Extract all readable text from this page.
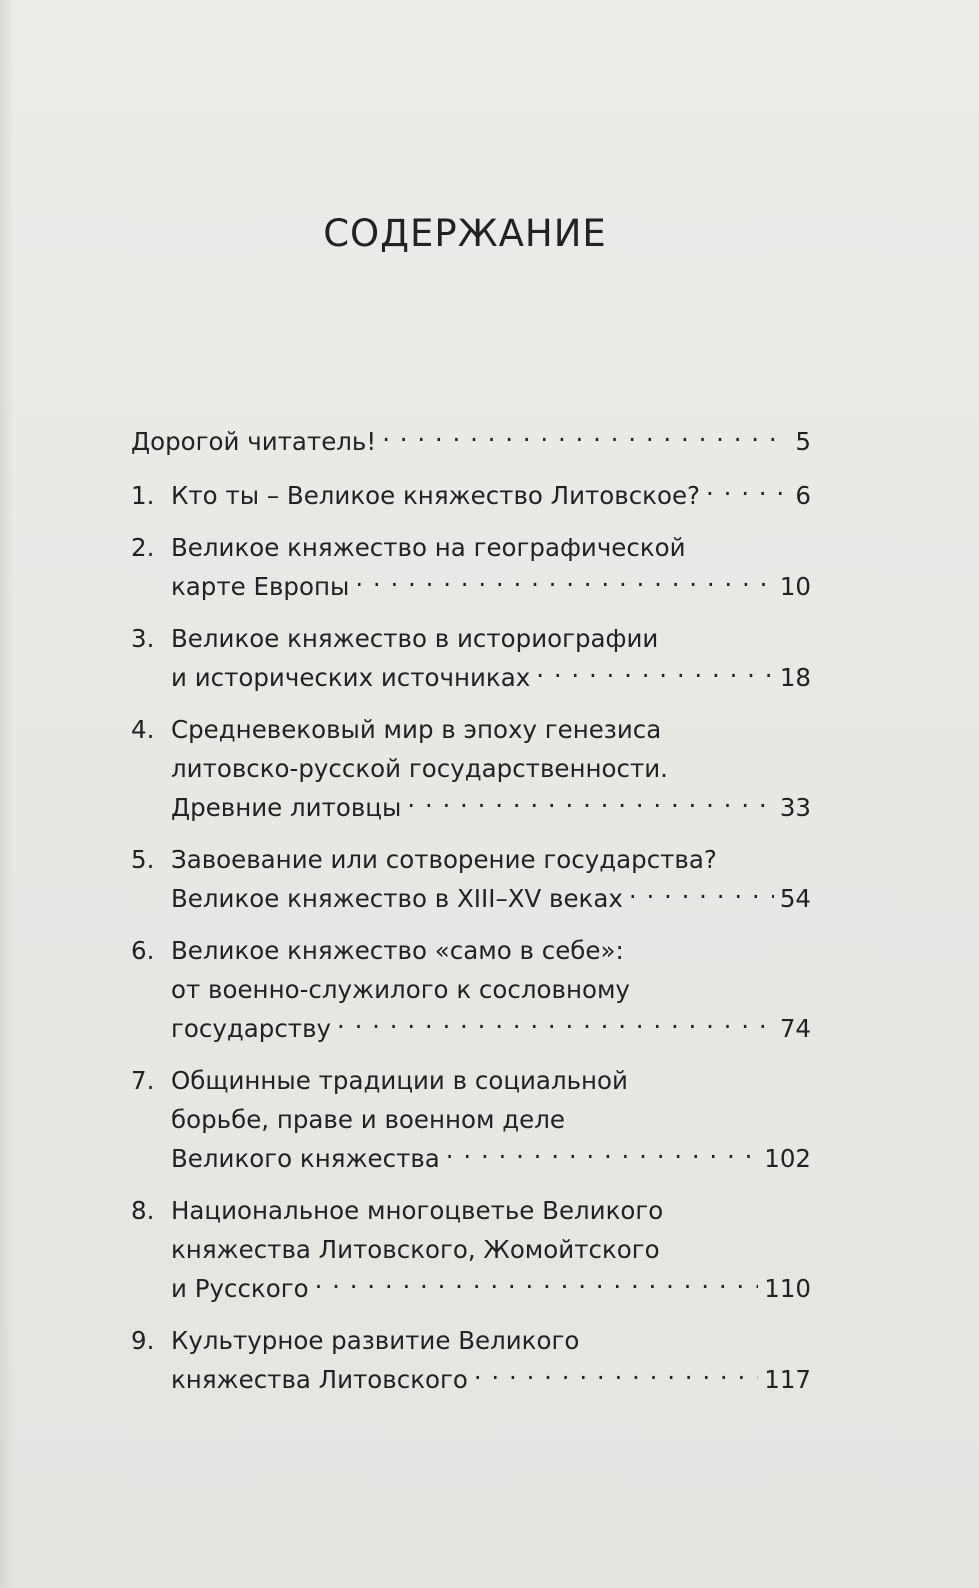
СОДЕРЖАНИЕ
Дорогой читатель! . . .	5
1. Кто ты – Великое княжество Литовское? . . .	6
2. Великое княжество на географической
карте Европы . . .	10
3. Великое княжество в историографии
и исторических источниках . . .	18
4. Средневековый мир в эпоху генезиса
литовско-русской государственности.
Древние литовцы . . .	33
5. Завоевание или сотворение государства?
Великое княжество в XIII–XV веках . . .	54
6. Великое княжество «само в себе»:
от военно-служилого к сословному
государству . . .	74
7. Общинные традиции в социальной
борьбе, праве и военном деле
Великого княжества . . .	102
8. Национальное многоцветье Великого
княжества Литовского, Жомойтского
и Русского . . .	110
9. Культурное развитие Великого
княжества Литовского . . .	117
